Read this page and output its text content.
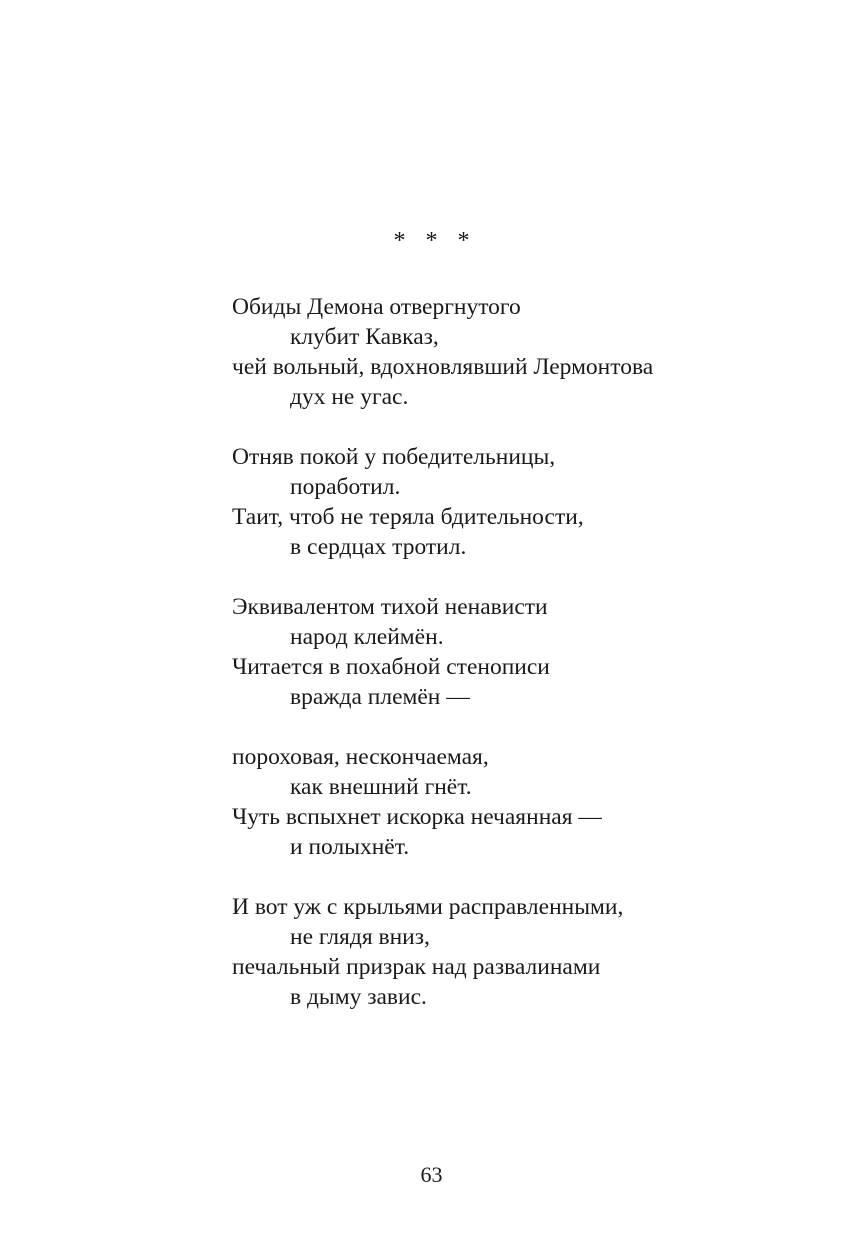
* * *
Обиды Демона отвергнутого
клубит Кавказ,
чей вольный, вдохновлявший Лермонтова
дух не угас.
Отняв покой у победительницы,
поработил.
Таит, чтоб не теряла бдительности,
в сердцах тротил.
Эквивалентом тихой ненависти
народ клеймён.
Читается в похабной стенописи
вражда племён —
пороховая, нескончаемая,
как внешний гнёт.
Чуть вспыхнет искорка нечаянная —
и полыхнёт.
И вот уж с крыльями расправленными,
не глядя вниз,
печальный призрак над развалинами
в дыму завис.
63
